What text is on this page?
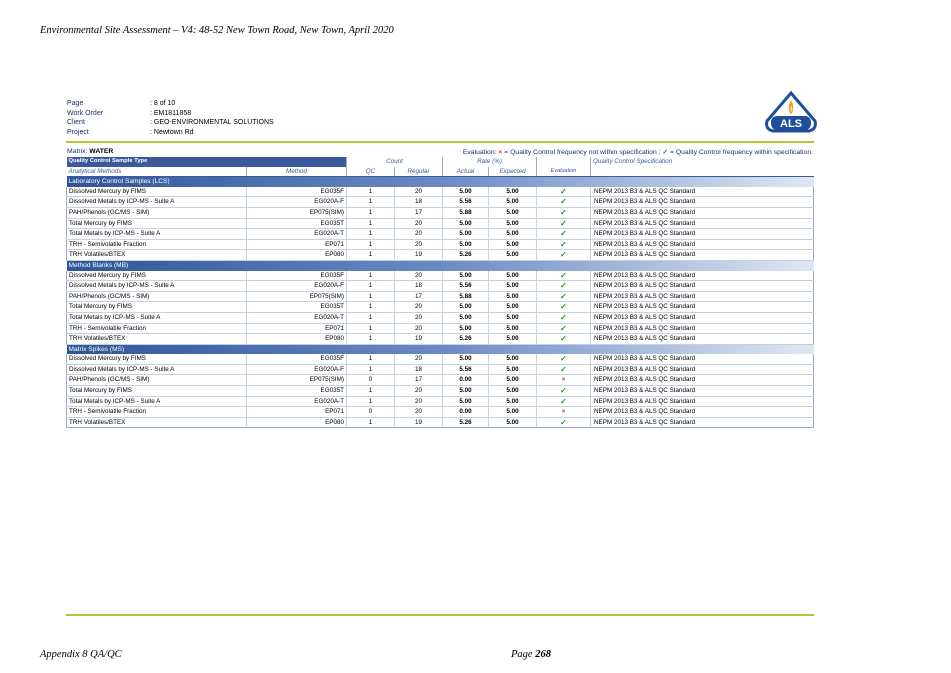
Environmental Site Assessment – V4: 48-52 New Town Road, New Town, April 2020
Page	: 8 of 10
Work Order	: EM1811858
Client	: GEO-ENVIRONMENTAL SOLUTIONS
Project	: Newtown Rd
ALS
Matrix: WATER	Evaluation: × = Quality Control frequency not within specification ; ✓ = Quality Control frequency within specification.
Quality Control Sample Type		Count		Rate (%)			Quality Control Specification
Analytical Methods	Method	QC	Regular	Actual	Expected	Evaluation	
Laboratory Control Samples (LCS)							
Dissolved Mercury by FIMS	EG035F	1	20	5.00	5.00	✓	NEPM 2013 B3 & ALS QC Standard
Dissolved Metals by ICP-MS - Suite A	EG020A-F	1	18	5.56	5.00	✓	NEPM 2013 B3 & ALS QC Standard
PAH/Phenols (GC/MS - SIM)	EP075(SIM)	1	17	5.88	5.00	✓	NEPM 2013 B3 & ALS QC Standard
Total Mercury by FIMS	EG035T	1	20	5.00	5.00	✓	NEPM 2013 B3 & ALS QC Standard
Total Metals by ICP-MS - Suite A	EG020A-T	1	20	5.00	5.00	✓	NEPM 2013 B3 & ALS QC Standard
TRH - Semivolatile Fraction	EP071	1	20	5.00	5.00	✓	NEPM 2013 B3 & ALS QC Standard
TRH Volatiles/BTEX	EP080	1	19	5.26	5.00	✓	NEPM 2013 B3 & ALS QC Standard
Method Blanks (MB)							
Dissolved Mercury by FIMS	EG035F	1	20	5.00	5.00	✓	NEPM 2013 B3 & ALS QC Standard
Dissolved Metals by ICP-MS - Suite A	EG020A-F	1	18	5.56	5.00	✓	NEPM 2013 B3 & ALS QC Standard
PAH/Phenols (GC/MS - SIM)	EP075(SIM)	1	17	5.88	5.00	✓	NEPM 2013 B3 & ALS QC Standard
Total Mercury by FIMS	EG035T	1	20	5.00	5.00	✓	NEPM 2013 B3 & ALS QC Standard
Total Metals by ICP-MS - Suite A	EG020A-T	1	20	5.00	5.00	✓	NEPM 2013 B3 & ALS QC Standard
TRH - Semivolatile Fraction	EP071	1	20	5.00	5.00	✓	NEPM 2013 B3 & ALS QC Standard
TRH Volatiles/BTEX	EP080	1	19	5.26	5.00	✓	NEPM 2013 B3 & ALS QC Standard
Matrix Spikes (MS)							
Dissolved Mercury by FIMS	EG035F	1	20	5.00	5.00	✓	NEPM 2013 B3 & ALS QC Standard
Dissolved Metals by ICP-MS - Suite A	EG020A-F	1	18	5.56	5.00	✓	NEPM 2013 B3 & ALS QC Standard
PAH/Phenols (GC/MS - SIM)	EP075(SIM)	0	17	0.00	5.00	×	NEPM 2013 B3 & ALS QC Standard
Total Mercury by FIMS	EG035T	1	20	5.00	5.00	✓	NEPM 2013 B3 & ALS QC Standard
Total Metals by ICP-MS - Suite A	EG020A-T	1	20	5.00	5.00	✓	NEPM 2013 B3 & ALS QC Standard
TRH - Semivolatile Fraction	EP071	0	20	0.00	5.00	×	NEPM 2013 B3 & ALS QC Standard
TRH Volatiles/BTEX	EP080	1	19	5.26	5.00	✓	NEPM 2013 B3 & ALS QC Standard
Appendix 8 QA/QC	Page 268
